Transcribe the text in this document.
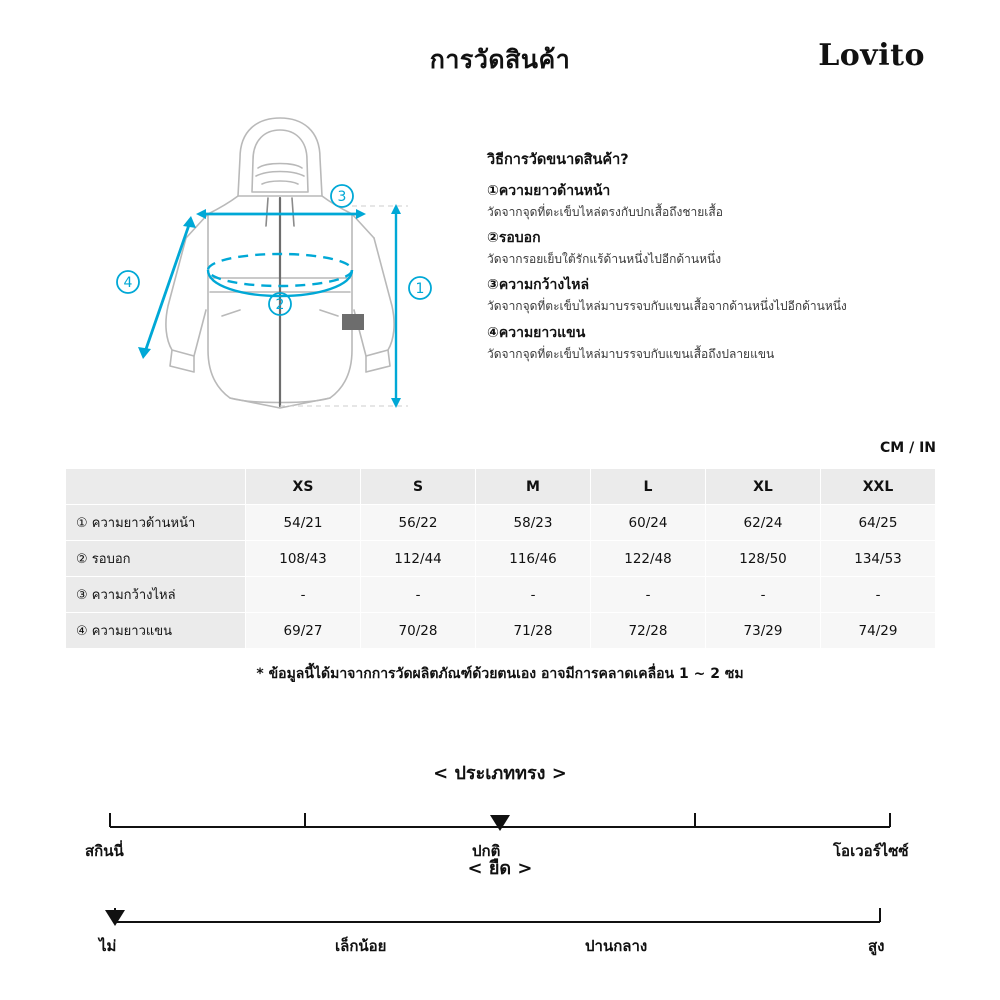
การวัดสินค้า	Lovito
1
2
3
4
วิธีการวัดขนาดสินค้า?
①ความยาวด้านหน้า
วัดจากจุดที่ตะเข็บไหล่ตรงกับปกเสื้อถึงชายเสื้อ
②รอบอก
วัดจากรอยเย็บใต้รักแร้ด้านหนึ่งไปอีกด้านหนึ่ง
③ความกว้างไหล่
วัดจากจุดที่ตะเข็บไหล่มาบรรจบกับแขนเสื้อจากด้านหนึ่งไปอีกด้านหนึ่ง
④ความยาวแขน
วัดจากจุดที่ตะเข็บไหล่มาบรรจบกับแขนเสื้อถึงปลายแขน
CM / IN
	XS	S	M	L	XL	XXL
① ความยาวด้านหน้า	54/21	56/22	58/23	60/24	62/24	64/25
② รอบอก	108/43	112/44	116/46	122/48	128/50	134/53
③ ความกว้างไหล่	-	-	-	-	-	-
④ ความยาวแขน	69/27	70/28	71/28	72/28	73/29	74/29
* ข้อมูลนี้ได้มาจากการวัดผลิตภัณฑ์ด้วยตนเอง อาจมีการคลาดเคลื่อน 1 ~ 2 ซม
< ประเภททรง >
สกินนี่	ปกติ	โอเวอร์ไซซ์
< ยืด >
ไม่	เล็กน้อย	ปานกลาง	สูง
